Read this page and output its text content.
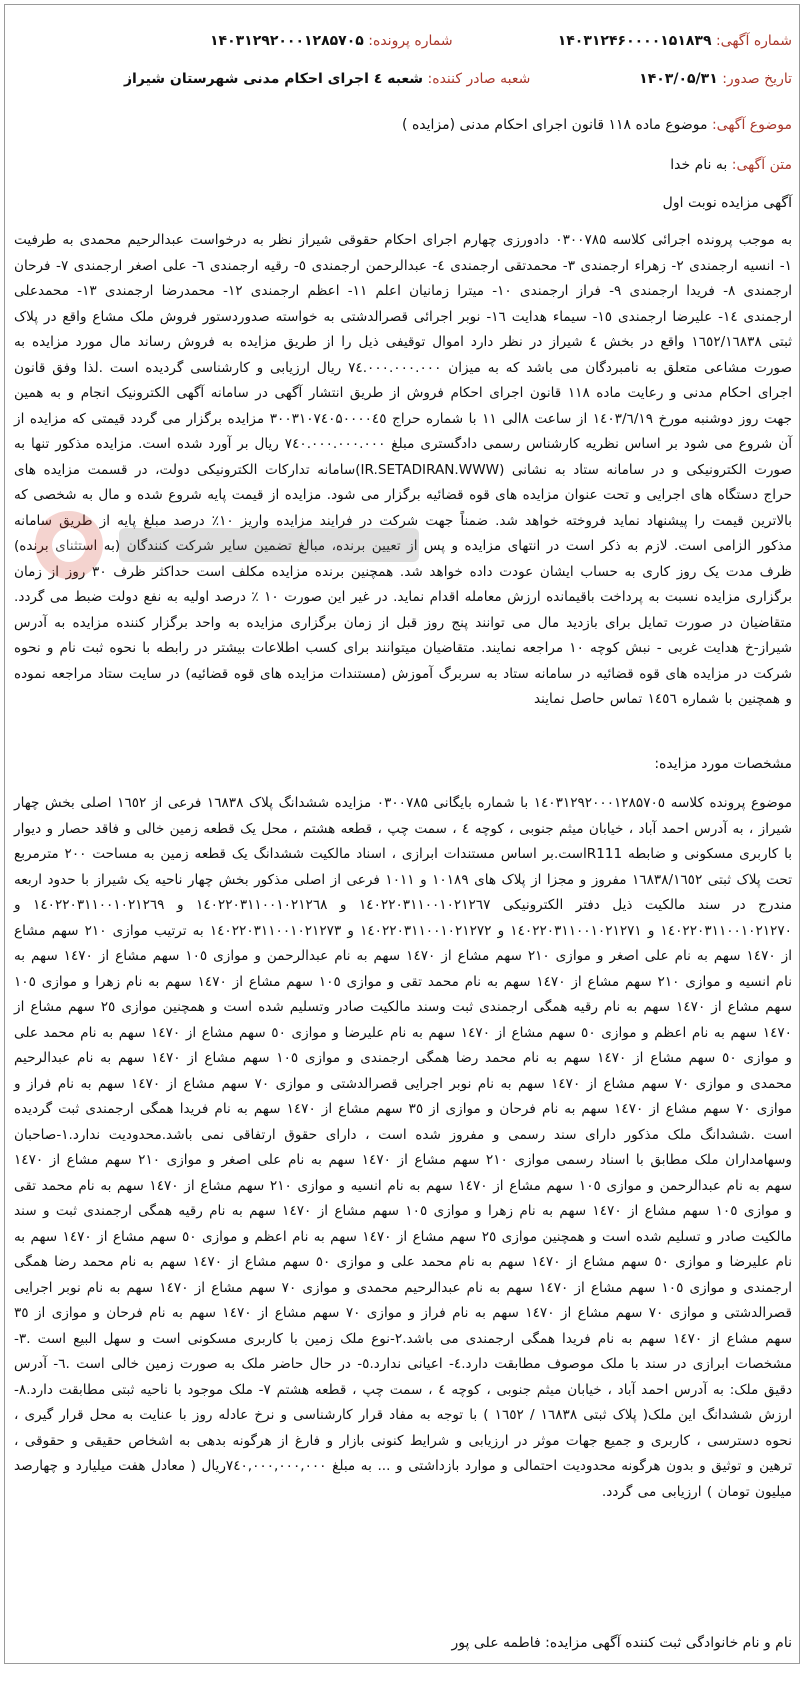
شماره آگهی: ۱۴۰۳۱۲۴۶۰۰۰۰۱۵۱۸۳۹
شماره پرونده: ۱۴۰۳۱۲۹۲۰۰۰۱۲۸۵۷۰۵
تاریخ صدور: ۱۴۰۳/۰۵/۳۱
شعبه صادر کننده: شعبه ٤ اجرای احکام مدنی شهرستان شیراز
موضوع آگهی: موضوع ماده ۱۱۸ قانون اجرای احکام مدنی (مزایده )
متن آگهی: به نام خدا
آگهی مزایده نوبت اول
به موجب پرونده اجرائی کلاسه ۰۳۰۰۷۸۵ دادورزی چهارم اجرای احکام حقوقی شیراز نظر به درخواست عبدالرحیم محمدی به طرفیت ۱- انسیه ارجمندی ۲- زهراء ارجمندی ۳- محمدتقی ارجمندی ٤- عبدالرحمن ارجمندی ٥- رقیه ارجمندی ٦- علی اصغر ارجمندی ۷- فرحان ارجمندی ۸- فریدا ارجمندی ۹- فراز ارجمندی ۱۰- میترا زمانیان اعلم ۱۱- اعظم ارجمندی ۱۲- محمدرضا ارجمندی ۱۳- محمدعلی ارجمندی ۱٤- علیرضا ارجمندی ۱٥- سیماء هدایت ۱٦- نوبر اجرائی قصرالدشتی به خواسته صدوردستور فروش ملک مشاع واقع در پلاک ثبتی ۱٦٥۲/۱٦۸۳۸ واقع در بخش ٤ شیراز در نظر دارد اموال توقیفی ذیل را از طریق مزایده به فروش رساند مال مورد مزایده به صورت مشاعی متعلق به نامبردگان می باشد که به میزان ۷٤.۰۰۰.۰۰۰.۰۰۰ ریال ارزیابی و کارشناسی گردیده است .لذا وفق قانون اجرای احکام مدنی و رعایت ماده ۱۱۸ قانون اجرای احکام فروش از طریق انتشار آگهی در سامانه آگهی الکترونیک انجام و به همین جهت روز دوشنبه مورخ ۱٤۰۳/٦/۱۹ از ساعت ۸الی ۱۱ با شماره حراج ۳۰۰۳۱۰۷٤۰۵۰۰۰۰٤٥ مزایده برگزار می گردد قیمتی که مزایده از آن شروع می شود بر اساس نظریه کارشناس رسمی دادگستری مبلغ ۷٤۰.۰۰۰.۰۰۰.۰۰۰ ریال بر آورد شده است. مزایده مذکور تنها به صورت الکترونیکی و در سامانه ستاد به نشانی (IR.SETADIRAN.WWW)سامانه تدارکات الکترونیکی دولت، در قسمت مزایده های حراج دستگاه های اجرایی و تحت عنوان مزایده های قوه قضائیه برگزار می شود. مزایده از قیمت پایه شروع شده و مال به شخصی که بالاترین قیمت را پیشنهاد نماید فروخته خواهد شد. ضمناً جهت شرکت در فرایند مزایده واریز ۱۰٪ درصد مبلغ پایه از طریق سامانه مذکور الزامی است. لازم به ذکر است در انتهای مزایده و پس از تعیین برنده، مبالغ تضمین سایر شرکت کنندگان (به استثنای برنده) ظرف مدت یک روز کاری به حساب ایشان عودت داده خواهد شد. همچنین برنده مزایده مکلف است حداکثر ظرف ۳۰ روز از زمان برگزاری مزایده نسبت به پرداخت باقیمانده ارزش معامله اقدام نماید. در غیر این صورت ۱۰ ٪ درصد اولیه به نفع دولت ضبط می گردد. متقاضیان در صورت تمایل برای بازدید مال می توانند پنج روز قبل از زمان برگزاری مزایده به واحد برگزار کننده مزایده به آدرس شیراز-خ هدایت غربی - نبش کوچه ۱۰ مراجعه نمایند. متقاضیان میتوانند برای کسب اطلاعات بیشتر در رابطه با نحوه ثبت نام و نحوه شرکت در مزایده های قوه قضائیه در سامانه ستاد به سربرگ آموزش (مستندات مزایده های قوه قضائیه) در سایت ستاد مراجعه نموده و همچنین با شماره ۱٤٥٦ تماس حاصل نمایند
مشخصات مورد مزایده:
موضوع پرونده کلاسه ۱٤۰۳۱۲۹۲۰۰۰۱۲۸۵۷۰٥ با شماره بایگانی ۰۳۰۰۷۸۵ مزایده ششدانگ پلاک ۱٦۸۳۸ فرعی از ۱٦٥۲ اصلی بخش چهار شیراز ، به آدرس احمد آباد ، خیابان میثم جنوبی ، کوچه ٤ ، سمت چپ ، قطعه هشتم ، محل یک قطعه زمین خالی و فاقد حصار و دیوار با کاربری مسکونی و ضابطه R111است.بر اساس مستندات ابرازی ، اسناد مالکیت ششدانگ یک قطعه زمین به مساحت ۲۰۰ مترمربع تحت پلاک ثبتی ۱٦۸۳۸/۱٦٥۲ مفروز و مجزا از پلاک های ۱۰۱۸۹ و ۱۰۱۱ فرعی از اصلی مذکور بخش چهار ناحیه یک شیراز با حدود اربعه مندرج در سند مالکیت ذیل دفتر الکترونیکی ۱٤۰۲۲۰۳۱۱۰۰۱۰۲۱۲٦۷ و ۱٤۰۲۲۰۳۱۱۰۰۱۰۲۱۲٦۸ و ۱٤۰۲۲۰۳۱۱۰۰۱۰۲۱۲٦۹ و ۱٤۰۲۲۰۳۱۱۰۰۱۰۲۱۲۷۰ و ۱٤۰۲۲۰۳۱۱۰۰۱۰۲۱۲۷۱ و ۱٤۰۲۲۰۳۱۱۰۰۱۰۲۱۲۷۲ و ۱٤۰۲۲۰۳۱۱۰۰۱۰۲۱۲۷۳ به ترتیب موازی ۲۱۰ سهم مشاع از ۱٤۷۰ سهم به نام علی اصغر و موازی ۲۱۰ سهم مشاع از ۱٤۷۰ سهم به نام عبدالرحمن و موازی ۱۰٥ سهم مشاع از ۱٤۷۰ سهم به نام انسیه و موازی ۲۱۰ سهم مشاع از ۱٤۷۰ سهم به نام محمد تقی و موازی ۱۰٥ سهم مشاع از ۱٤۷۰ سهم به نام زهرا و موازی ۱۰٥ سهم مشاع از ۱٤۷۰ سهم به نام رقیه همگی ارجمندی ثبت وسند مالکیت صادر وتسلیم شده است و همچنین موازی ۲٥ سهم مشاع از ۱٤۷۰ سهم به نام اعظم و موازی ٥۰ سهم مشاع از ۱٤۷۰ سهم به نام علیرضا و موازی ٥۰ سهم مشاع از ۱٤۷۰ سهم به نام محمد علی و موازی ٥۰ سهم مشاع از ۱٤۷۰ سهم به نام محمد رضا همگی ارجمندی و موازی ۱۰٥ سهم مشاع از ۱٤۷۰ سهم به نام عبدالرحیم محمدی و موازی ۷۰ سهم مشاع از ۱٤۷۰ سهم به نام نوبر اجرایی قصرالدشتی و موازی ۷۰ سهم مشاع از ۱٤۷۰ سهم به نام فراز و موازی ۷۰ سهم مشاع از ۱٤۷۰ سهم به نام فرحان و موازی از ۳٥ سهم مشاع از ۱٤۷۰ سهم به نام فریدا همگی ارجمندی ثبت گردیده است .ششدانگ ملک مذکور دارای سند رسمی و مفروز شده است ، دارای حقوق ارتفاقی نمی باشد.محدودیت ندارد.۱-صاحبان وسهامداران ملک مطابق با اسناد رسمی موازی ۲۱۰ سهم مشاع از ۱٤۷۰ سهم به نام علی اصغر و موازی ۲۱۰ سهم مشاع از ۱٤۷۰ سهم به نام عبدالرحمن و موازی ۱۰٥ سهم مشاع از ۱٤۷۰ سهم به نام انسیه و موازی ۲۱۰ سهم مشاع از ۱٤۷۰ سهم به نام محمد تقی و موازی ۱۰٥ سهم مشاع از ۱٤۷۰ سهم به نام زهرا و موازی ۱۰٥ سهم مشاع از ۱٤۷۰ سهم به نام رقیه همگی ارجمندی ثبت و سند مالکیت صادر و تسلیم شده است و همچنین موازی ۲٥ سهم مشاع از ۱٤۷۰ سهم به نام اعظم و موازی ٥۰ سهم مشاع از ۱٤۷۰ سهم به نام علیرضا و موازی ٥۰ سهم مشاع از ۱٤۷۰ سهم به نام محمد علی و موازی ٥۰ سهم مشاع از ۱٤۷۰ سهم به نام محمد رضا همگی ارجمندی و موازی ۱۰٥ سهم مشاع از ۱٤۷۰ سهم به نام عبدالرحیم محمدی و موازی ۷۰ سهم مشاع از ۱٤۷۰ سهم به نام نوبر اجرایی قصرالدشتی و موازی ۷۰ سهم مشاع از ۱٤۷۰ سهم به نام فراز و موازی ۷۰ سهم مشاع از ۱٤۷۰ سهم به نام فرحان و موازی از ۳٥ سهم مشاع از ۱٤۷۰ سهم به نام فریدا همگی ارجمندی می باشد.۲-نوع ملک زمین با کاربری مسکونی است و سهل البیع است .۳- مشخصات ابرازی در سند با ملک موصوف مطابقت دارد.٤- اعیانی ندارد.٥- در حال حاضر ملک به صورت زمین خالی است .٦- آدرس دقیق ملک: به آدرس احمد آباد ، خیابان میثم جنوبی ، کوچه ٤ ، سمت چپ ، قطعه هشتم ۷- ملک موجود با ناحیه ثبتی مطابقت دارد.۸- ارزش ششدانگ این ملک( پلاک ثبتی ۱٦۸۳۸ / ۱٦٥۲ ) با توجه به مفاد قرار کارشناسی و نرخ عادله روز با عنایت به محل قرار گیری ، نحوه دسترسی ، کاربری و جمیع جهات موثر در ارزیابی و شرایط کنونی بازار و فارغ از هرگونه بدهی به اشخاص حقیقی و حقوقی ، ترهین و توثیق و بدون هرگونه محدودیت احتمالی و موارد بازداشتی و ... به مبلغ ۷٤۰,۰۰۰,۰۰۰,۰۰۰ریال ( معادل هفت میلیارد و چهارصد میلیون تومان ) ارزیابی می گردد.
نام و نام خانوادگی ثبت کننده آگهی مزایده: فاطمه علی پور
